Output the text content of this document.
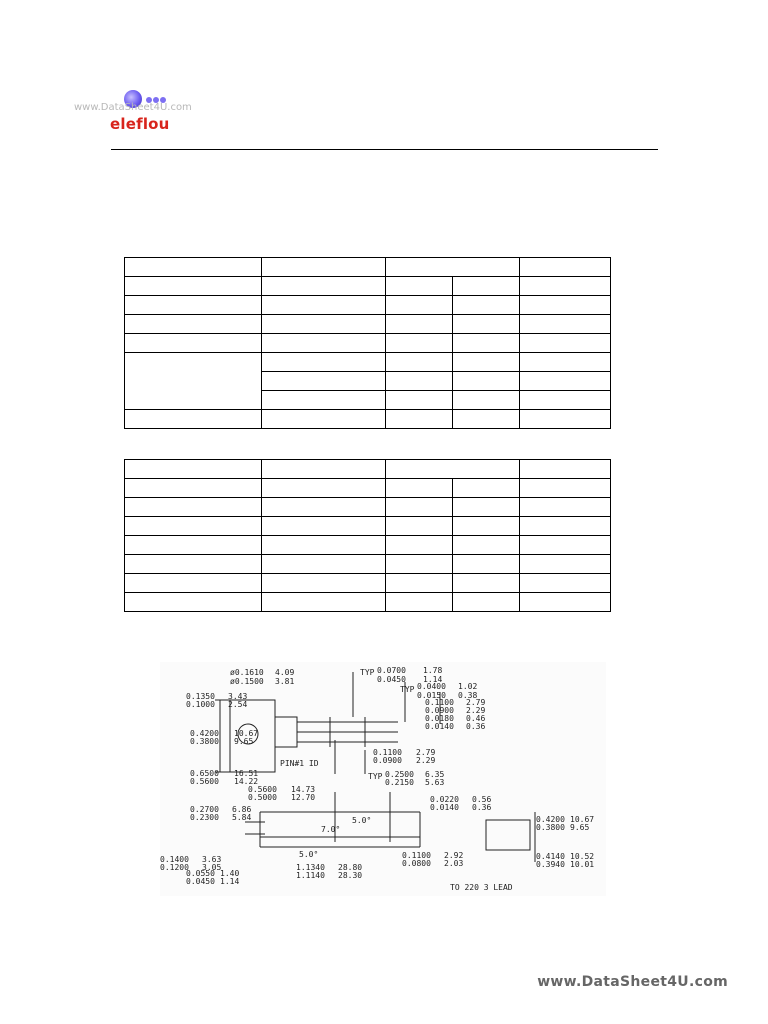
www.DataSheet4U.com
eleflou

ø0.1610
ø0.1500
4.09
3.81
TYP 0.0700
0.0450
1.78
1.14
TYP 0.0400
0.0150
1.02
0.38
0.1350
0.1000
3.43
2.54	0.1100
0.0900
2.79
2.29
0.0180
0.0140
0.46
0.36
0.4200
0.3800
10.67
9.65
0.1100
0.0900
2.79
2.29
PIN#1 ID
0.6500
0.5600
16.51
14.22
TYP 0.2500
0.2150
6.35
5.63
0.5600
0.5000
14.73
12.70
0.2700
0.2300
6.86
5.84
7.0°
5.0°
5.0°
0.0220
0.0140
0.56
0.36
0.1100
0.0800
2.92
2.03
0.4200
0.3800
10.67
9.65
0.4140
0.3940
10.52
10.01
0.1400
0.1200
3.63
3.05
0.0550
0.0450
1.40
1.14
1.1340
1.1140
28.80
28.30
TO 220 3 LEAD
www.DataSheet4U.com
